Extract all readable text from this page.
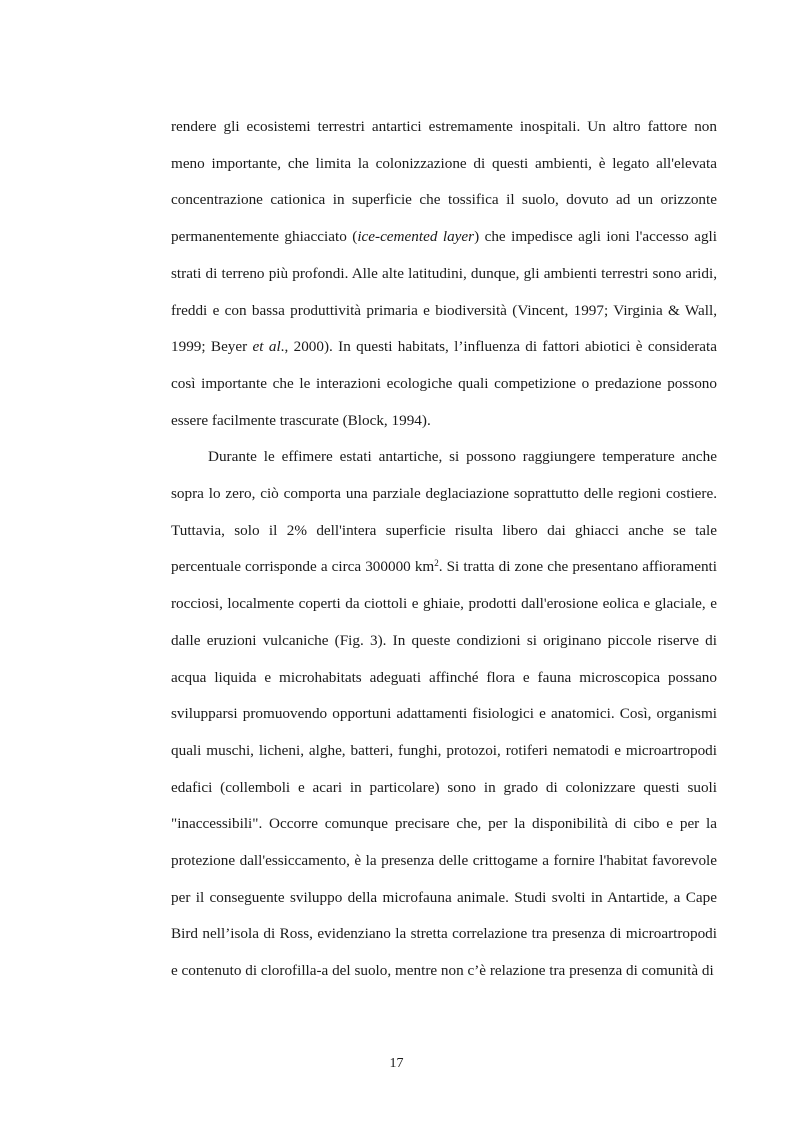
rendere gli ecosistemi terrestri antartici estremamente inospitali. Un altro fattore non meno importante, che limita la colonizzazione di questi ambienti, è legato all'elevata concentrazione cationica in superficie che tossifica il suolo, dovuto ad un orizzonte permanentemente ghiacciato (ice-cemented layer) che impedisce agli ioni l'accesso agli strati di terreno più profondi. Alle alte latitudini, dunque, gli ambienti terrestri sono aridi, freddi e con bassa produttività primaria e biodiversità (Vincent, 1997; Virginia & Wall, 1999; Beyer et al., 2000). In questi habitats, l’influenza di fattori abiotici è considerata così importante che le interazioni ecologiche quali competizione o predazione possono essere facilmente trascurate (Block, 1994).

Durante le effimere estati antartiche, si possono raggiungere temperature anche sopra lo zero, ciò comporta una parziale deglaciazione soprattutto delle regioni costiere. Tuttavia, solo il 2% dell'intera superficie risulta libero dai ghiacci anche se tale percentuale corrisponde a circa 300000 $km^2$. Si tratta di zone che presentano affioramenti rocciosi, localmente coperti da ciottoli e ghiaie, prodotti dall'erosione eolica e glaciale, e dalle eruzioni vulcaniche (Fig. 3). In queste condizioni si originano piccole riserve di acqua liquida e microhabitats adeguati affinché flora e fauna microscopica possano svilupparsi promuovendo opportuni adattamenti fisiologici e anatomici. Così, organismi quali muschi, licheni, alghe, batteri, funghi, protozoi, rotiferi nematodi e microartropodi edafici (collemboli e acari in particolare) sono in grado di colonizzare questi suoli "inaccessibili". Occorre comunque precisare che, per la disponibilità di cibo e per la protezione dall'essiccamento, è la presenza delle crittogame a fornire l'habitat favorevole per il conseguente sviluppo della microfauna animale. Studi svolti in Antartide, a Cape Bird nell’isola di Ross, evidenziano la stretta correlazione tra presenza di microartropodi e contenuto di clorofilla-a del suolo, mentre non c’è relazione tra presenza di comunità di

17
